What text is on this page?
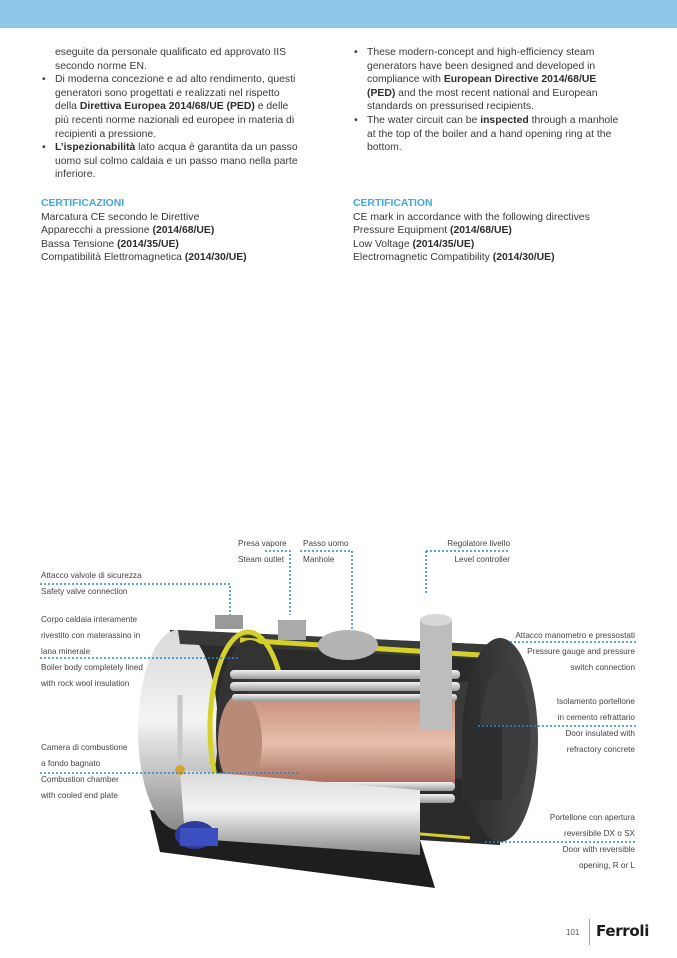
eseguite da personale qualificato ed approvato IIS
secondo norme EN.

• Di moderna concezione e ad alto rendimento, questi
generatori sono progettati e realizzati nel rispetto
della Direttiva Europea 2014/68/UE (PED) e delle
più recenti norme nazionali ed europee in materia di
recipienti a pressione.
• L’ispezionabilità lato acqua è garantita da un passo
uomo sul colmo caldaia e un passo mano nella parte
inferiore.
• These modern-concept and high-efficiency steam
generators have been designed and developed in
compliance with European Directive 2014/68/UE
(PED) and the most recent national and European
standards on pressurised recipients.
• The water circuit can be inspected through a manhole
at the top of the boiler and a hand opening ring at the
bottom.
CERTIFICAZIONI
Marcatura CE secondo le Direttive
Apparecchi a pressione (2014/68/UE)
Bassa Tensione (2014/35/UE)
Compatibilità Elettromagnetica (2014/30/UE)
CERTIFICATION
CE mark in accordance with the following directives
Pressure Equipment (2014/68/UE)
Low Voltage (2014/35/UE)
Electromagnetic Compatibility (2014/30/UE)
Presa vapore
Steam outlet
Passo uomo
Manhole
Regolatore livello
Level controller
Attacco valvole di sicurezza
Safety valve connection
Corpo caldaia interamente
rivestito con materassino in
lana minerale
Boiler body completely lined
with rock wool insulation
Attacco manometro e pressostati
Pressure gauge and pressure
switch connection
Isolamento portellone
in cemento refrattario
Door insulated with
refractory concrete
Camera di combustione
a fondo bagnato
Combustion chamber
with cooled end plate
Portellone con apertura
reversibile DX o SX
Door with reversible
opening, R or L
101 Ferroli
